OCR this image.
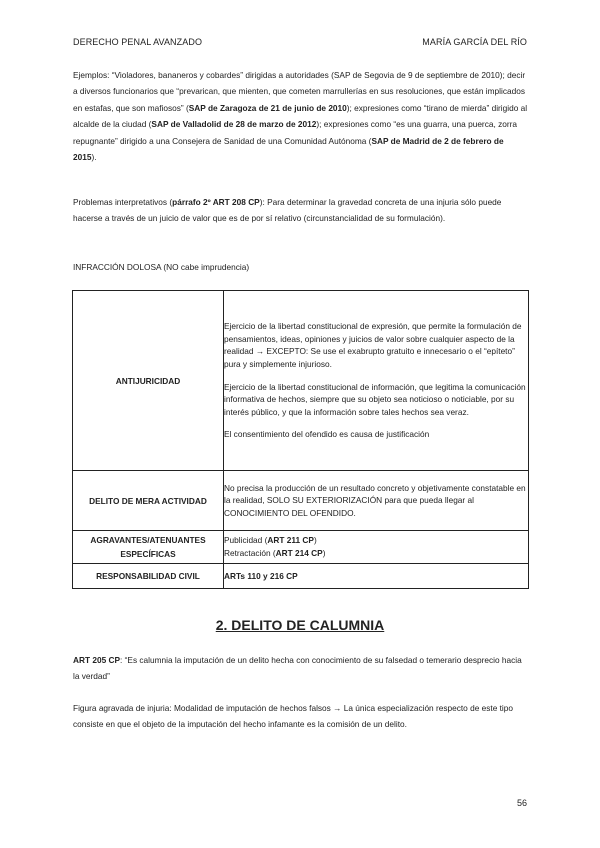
DERECHO PENAL AVANZADO	MARÍA GARCÍA DEL RÍO
Ejemplos: “Violadores, bananeros y cobardes” dirigidas a autoridades (SAP de Segovia de 9 de septiembre de 2010); decir a diversos funcionarios que “prevarican, que mienten, que cometen marrullerías en sus resoluciones, que están implicados en estafas, que son mafiosos” (SAP de Zaragoza de 21 de junio de 2010); expresiones como “tirano de mierda” dirigido al alcalde de la ciudad (SAP de Valladolid de 28 de marzo de 2012); expresiones como “es una guarra, una puerca, zorra repugnante” dirigido a una Consejera de Sanidad de una Comunidad Autónoma (SAP de Madrid de 2 de febrero de 2015).
Problemas interpretativos (párrafo 2º ART 208 CP): Para determinar la gravedad concreta de una injuria sólo puede hacerse a través de un juicio de valor que es de por sí relativo (circunstancialidad de su formulación).
INFRACCIÓN DOLOSA (NO cabe imprudencia)
ANTIJURICIDAD	Ejercicio de la libertad constitucional de expresión, que permite la formulación de pensamientos, ideas, opiniones y juicios de valor sobre cualquier aspecto de la realidad → EXCEPTO: Se use el exabrupto gratuito e innecesario o el “epíteto” pura y simplemente injurioso.

Ejercicio de la libertad constitucional de información, que legitima la comunicación informativa de hechos, siempre que su objeto sea noticioso o noticiable, por su interés público, y que la información sobre tales hechos sea veraz.

El consentimiento del ofendido es causa de justificación

DELITO DE MERA ACTIVIDAD	No precisa la producción de un resultado concreto y objetivamente constatable en la realidad, SOLO SU EXTERIORIZACIÓN para que pueda llegar al CONOCIMIENTO DEL OFENDIDO.
AGRAVANTES/ATENUANTES ESPECÍFICAS	Publicidad (ART 211 CP)

Retractación (ART 214 CP)

RESPONSABILIDAD CIVIL	ARTs 110 y 216 CP
2. DELITO DE CALUMNIA
ART 205 CP: “Es calumnia la imputación de un delito hecha con conocimiento de su falsedad o temerario desprecio hacia la verdad”
Figura agravada de injuria: Modalidad de imputación de hechos falsos → La única especialización respecto de este tipo consiste en que el objeto de la imputación del hecho infamante es la comisión de un delito.
56
